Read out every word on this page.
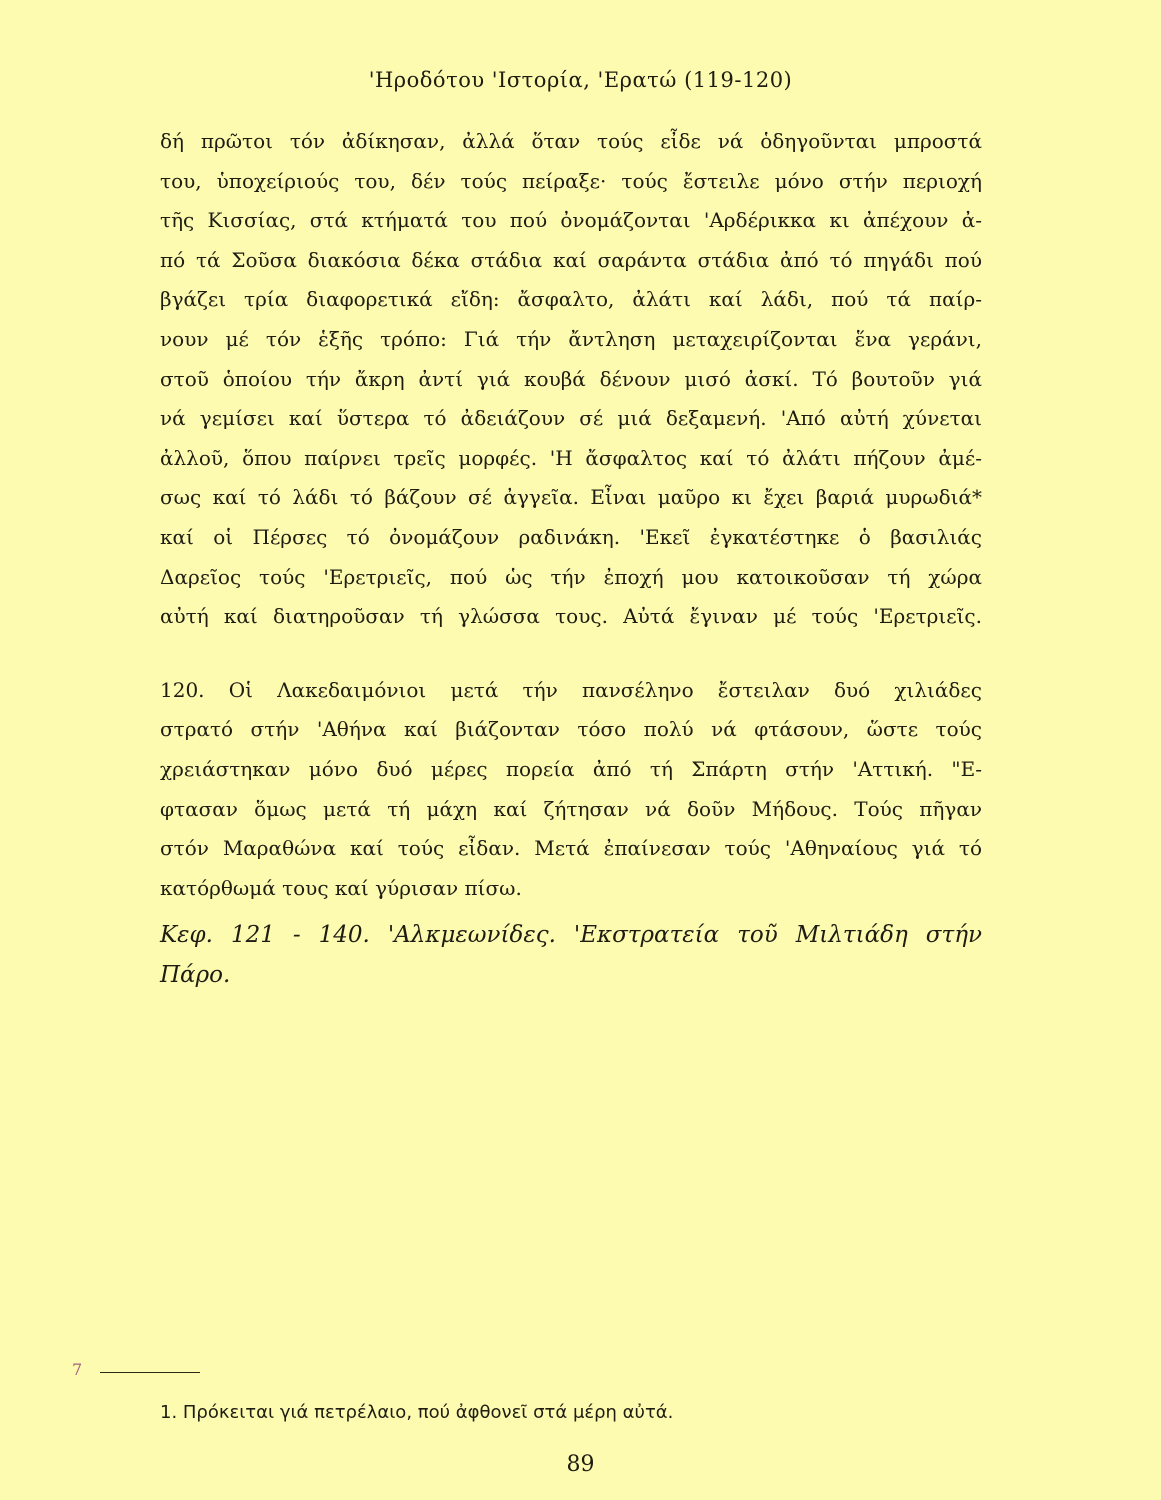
'Ηροδότου 'Ιστορία, 'Ερατώ (119-120)
δή πρῶτοι τόν ἀδίκησαν, ἀλλά ὅταν τούς εἶδε νά ὁδηγοῦνται μπροστά
του, ὑποχείριούς του, δέν τούς πείραξε· τούς ἔστειλε μόνο στήν περιοχή
τῆς Κισσίας, στά κτήματά του πού ὀνομάζονται 'Αρδέρικκα κι ἀπέχουν ἀ-
πό τά Σοῦσα διακόσια δέκα στάδια καί σαράντα στάδια ἀπό τό πηγάδι πού
βγάζει τρία διαφορετικά εἴδη: ἄσφαλτο, ἀλάτι καί λάδι, πού τά παίρ-
νουν μέ τόν ἑξῆς τρόπο: Γιά τήν ἄντληση μεταχειρίζονται ἕνα γεράνι,
στοῦ ὁποίου τήν ἄκρη ἀντί γιά κουβά δένουν μισό ἀσκί. Τό βουτοῦν γιά
νά γεμίσει καί ὕστερα τό ἀδειάζουν σέ μιά δεξαμενή. 'Από αὐτή χύνεται
ἀλλοῦ, ὅπου παίρνει τρεῖς μορφές. 'Η ἄσφαλτος καί τό ἀλάτι πήζουν ἀμέ-
σως καί τό λάδι τό βάζουν σέ ἀγγεῖα. Εἶναι μαῦρο κι ἔχει βαριά μυρωδιά*
καί οἱ Πέρσες τό ὀνομάζουν ραδινάκη. 'Εκεῖ ἐγκατέστηκε ὁ βασιλιάς
Δαρεῖος τούς 'Ερετριεῖς, πού ὡς τήν ἐποχή μου κατοικοῦσαν τή χώρα
αὐτή καί διατηροῦσαν τή γλώσσα τους. Αὐτά ἔγιναν μέ τούς 'Ερετριεῖς.
120. Οἱ Λακεδαιμόνιοι μετά τήν πανσέληνο ἔστειλαν δυό χιλιάδες
στρατό στήν 'Αθήνα καί βιάζονταν τόσο πολύ νά φτάσουν, ὥστε τούς
χρειάστηκαν μόνο δυό μέρες πορεία ἀπό τή Σπάρτη στήν 'Αττική. "Ε-
φτασαν ὅμως μετά τή μάχη καί ζήτησαν νά δοῦν Μήδους. Τούς πῆγαν
στόν Μαραθώνα καί τούς εἶδαν. Μετά ἐπαίνεσαν τούς 'Αθηναίους γιά τό
κατόρθωμά τους καί γύρισαν πίσω.
Κεφ. 121 - 140. 'Αλκμεωνίδες. 'Εκστρατεία τοῦ Μιλτιάδη στήν
Πάρο.
7
1. Πρόκειται γιά πετρέλαιο, πού ἀφθονεῖ στά μέρη αὐτά.
89
